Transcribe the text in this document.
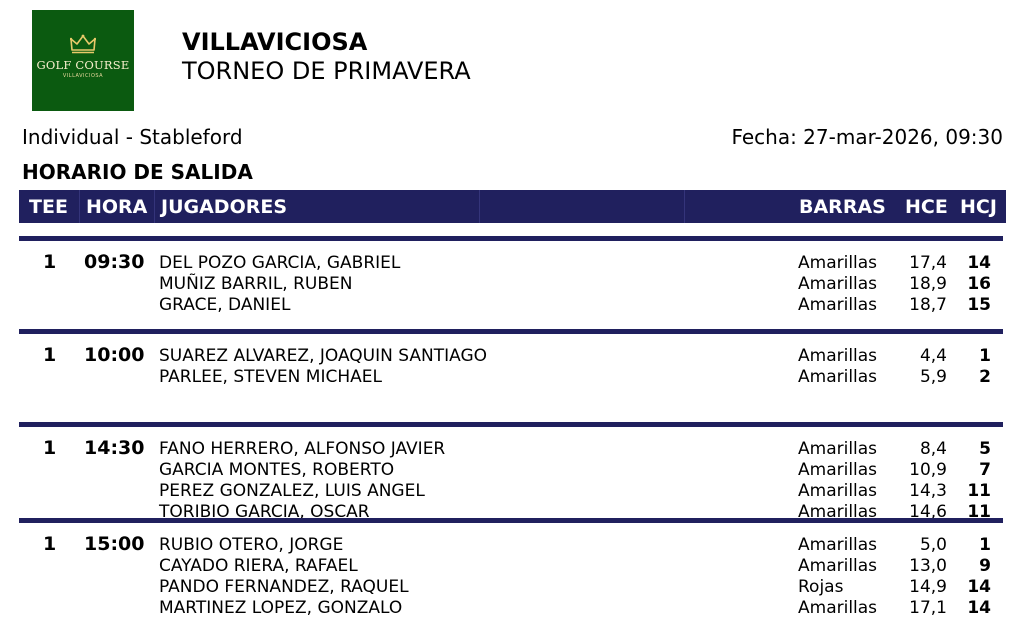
GOLF COURSE
VILLAVICIOSA
VILLAVICIOSA
TORNEO DE PRIMAVERA
Individual - Stableford	Fecha: 27-mar-2026, 09:30
HORARIO DE SALIDA
TEE HORA JUGADORES	BARRAS HCE HCJ
1 09:30 DEL POZO GARCIA, GABRIEL	Amarillas 17,4	14
MUÑIZ BARRIL, RUBEN	Amarillas 18,9	16
GRACE, DANIEL	Amarillas 18,7	15
1 10:00 SUAREZ ALVAREZ, JOAQUIN SANTIAGO	Amarillas	4,4	1
PARLEE, STEVEN MICHAEL	Amarillas	5,9	2
1 14:30 FANO HERRERO, ALFONSO JAVIER	Amarillas	8,4	5
GARCIA MONTES, ROBERTO	Amarillas 10,9	7
PEREZ GONZALEZ, LUIS ANGEL	Amarillas 14,3	11
TORIBIO GARCIA, OSCAR	Amarillas 14,6	11
1 15:00 RUBIO OTERO, JORGE	Amarillas	5,0	1
CAYADO RIERA, RAFAEL	Amarillas 13,0	9
PANDO FERNANDEZ, RAQUEL	Rojas	14,9	14
MARTINEZ LOPEZ, GONZALO	Amarillas 17,1	14
